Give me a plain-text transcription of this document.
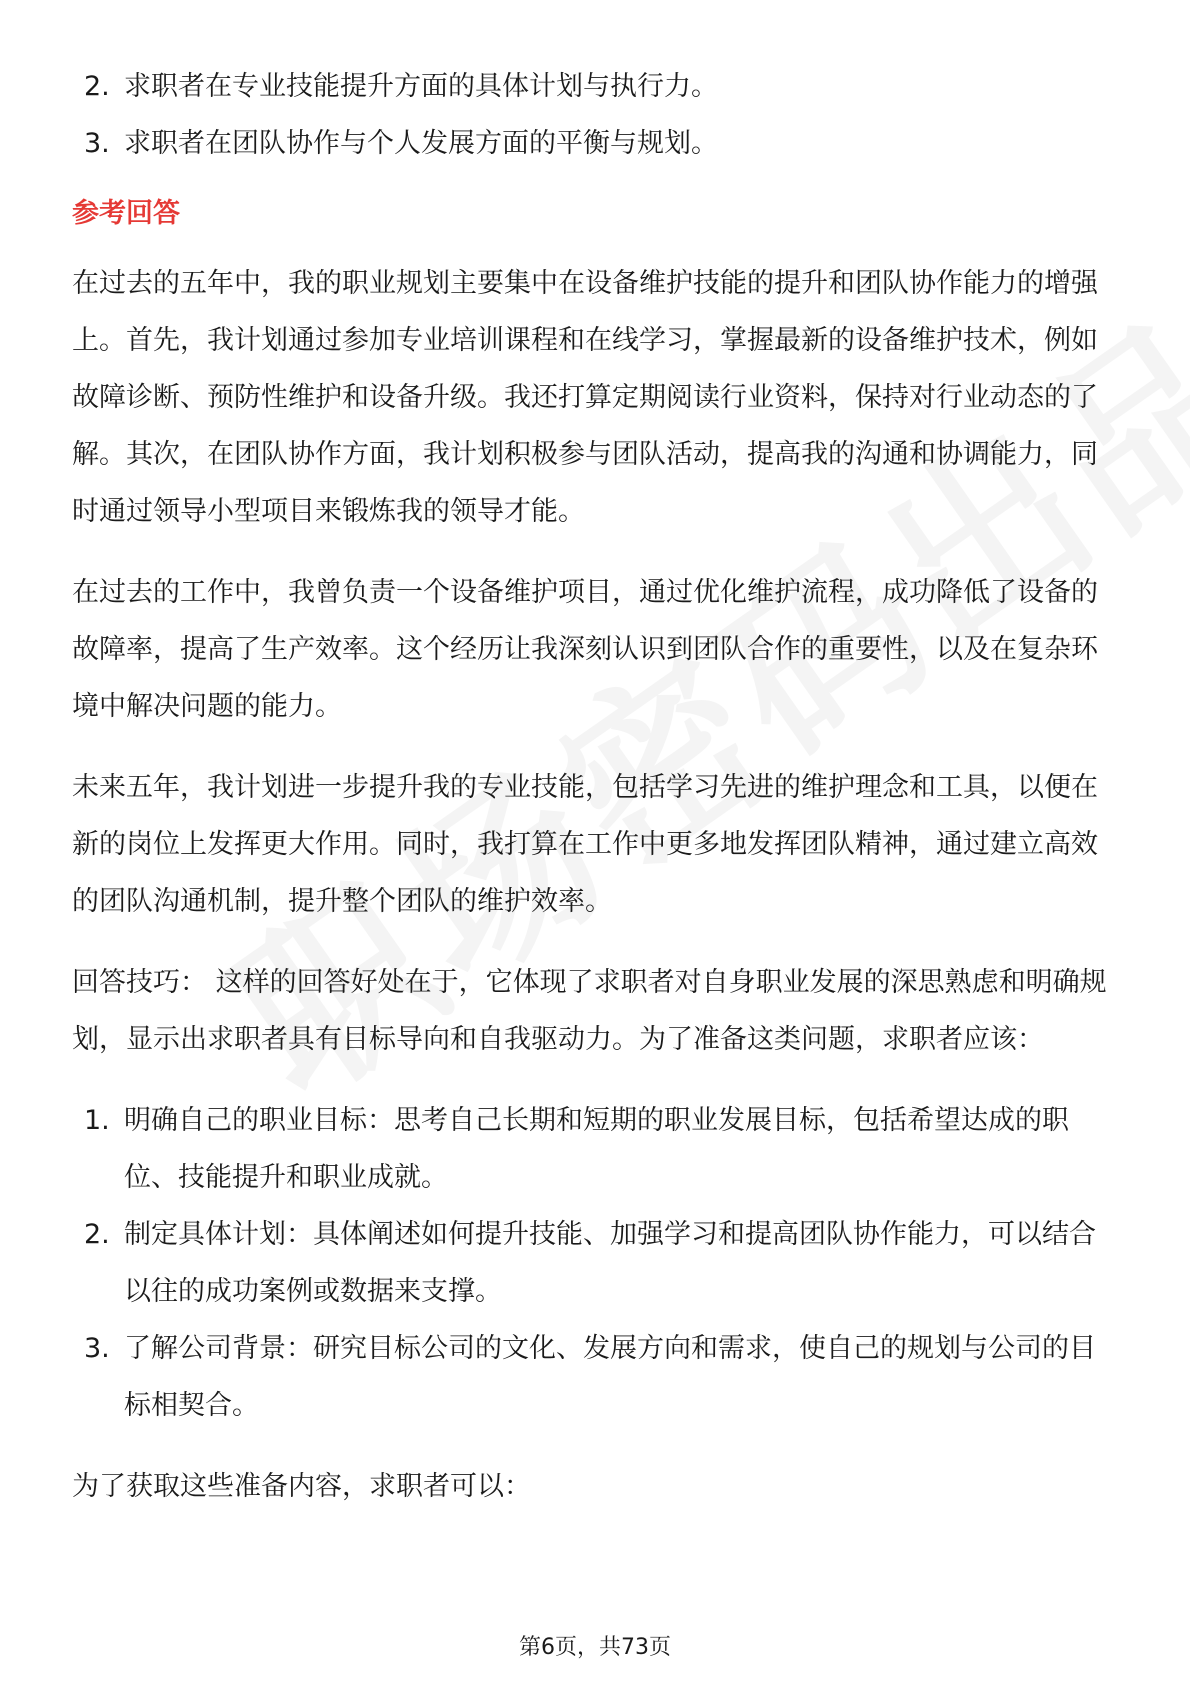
2. 求职者在专业技能提升方面的具体计划与执行力。
3. 求职者在团队协作与个人发展方面的平衡与规划。
参考回答

在过去的五年中，我的职业规划主要集中在设备维护技能的提升和团队协作能力的增强上。首先，我计划通过参加专业培训课程和在线学习，掌握最新的设备维护技术，例如故障诊断、预防性维护和设备升级。我还打算定期阅读行业资料，保持对行业动态的了解。其次，在团队协作方面，我计划积极参与团队活动，提高我的沟通和协调能力，同时通过领导小型项目来锻炼我的领导才能。

在过去的工作中，我曾负责一个设备维护项目，通过优化维护流程，成功降低了设备的故障率，提高了生产效率。这个经历让我深刻认识到团队合作的重要性，以及在复杂环境中解决问题的能力。

未来五年，我计划进一步提升我的专业技能，包括学习先进的维护理念和工具，以便在新的岗位上发挥更大作用。同时，我打算在工作中更多地发挥团队精神，通过建立高效的团队沟通机制，提升整个团队的维护效率。

回答技巧： 这样的回答好处在于，它体现了求职者对自身职业发展的深思熟虑和明确规划，显示出求职者具有目标导向和自我驱动力。为了准备这类问题，求职者应该：

1. 明确自己的职业目标：思考自己长期和短期的职业发展目标，包括希望达成的职位、技能提升和职业成就。
2. 制定具体计划：具体阐述如何提升技能、加强学习和提高团队协作能力，可以结合以往的成功案例或数据来支撑。
3. 了解公司背景：研究目标公司的文化、发展方向和需求，使自己的规划与公司的目标相契合。

为了获取这些准备内容，求职者可以：

第6页，共73页
